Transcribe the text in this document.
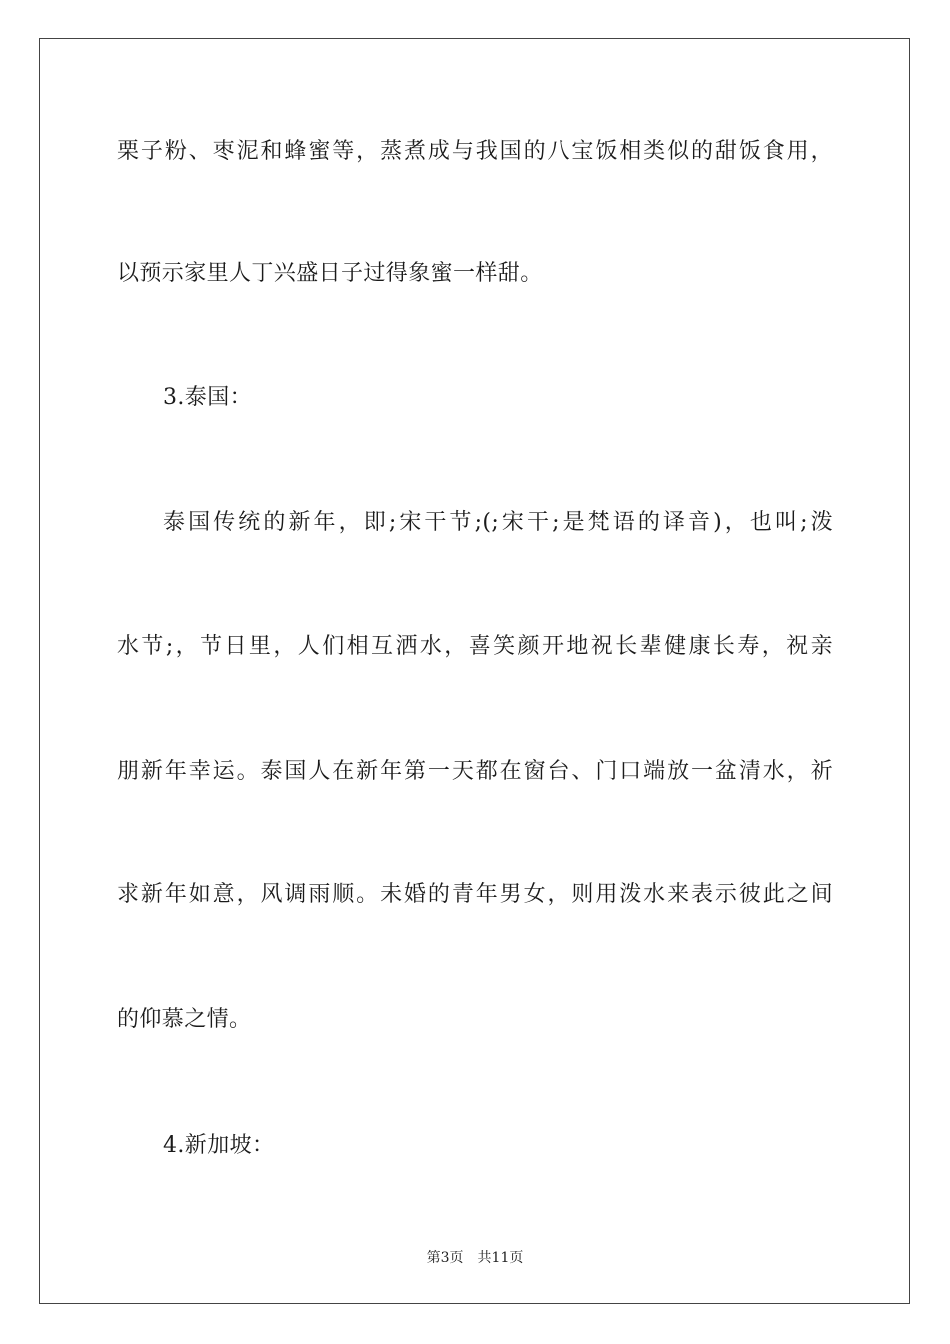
栗子粉、枣泥和蜂蜜等，蒸煮成与我国的八宝饭相类似的甜饭食用，
以预示家里人丁兴盛日子过得象蜜一样甜。
3.泰国：
泰国传统的新年，即;宋干节;(;宋干;是梵语的译音)，也叫;泼
水节;，节日里，人们相互洒水，喜笑颜开地祝长辈健康长寿，祝亲
朋新年幸运。泰国人在新年第一天都在窗台、门口端放一盆清水，祈
求新年如意，风调雨顺。未婚的青年男女，则用泼水来表示彼此之间
的仰慕之情。
4.新加坡：
第3页 共11页
